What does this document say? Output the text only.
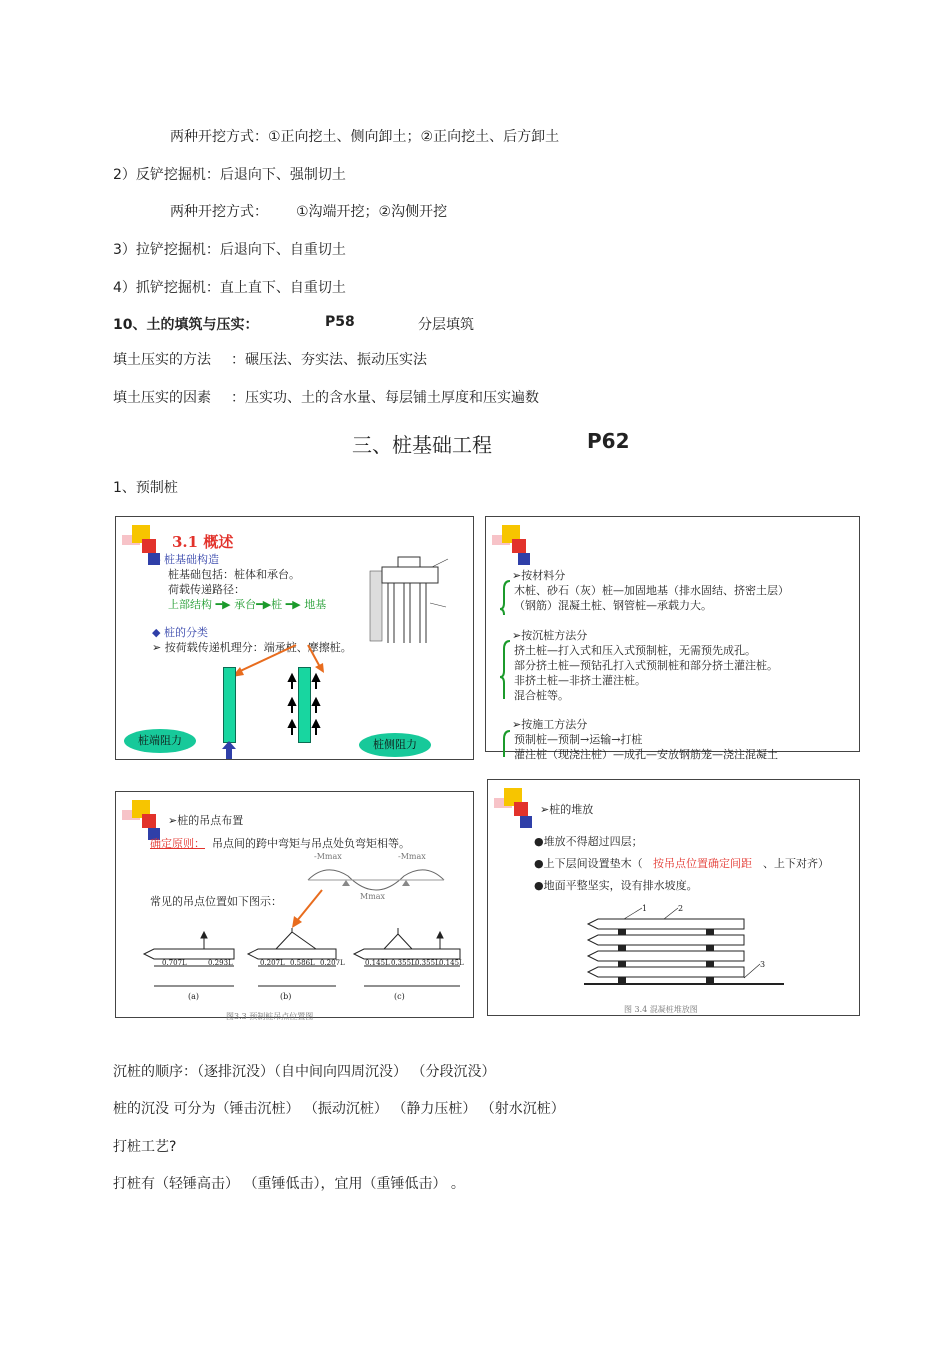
两种开挖方式：①正向挖土、侧向卸土；②正向挖土、后方卸土
2）反铲挖掘机：后退向下、强制切土
两种开挖方式： ①沟端开挖；②沟侧开挖
3）拉铲挖掘机：后退向下、自重切土
4）抓铲挖掘机：直上直下、自重切土
10、土的填筑与压实：	P58	分层填筑
填土压实的方法 ：碾压法、夯实法、振动压实法
填土压实的因素 ：压实功、土的含水量、每层铺土厚度和压实遍数
三、桩基础工程	P62
1、预制桩
3.1 概述
◆ 桩基础构造
桩基础包括：桩体和承台。
荷载传递路径：
上部结构 ━▶ 承台━▶桩 ━▶ 地基
◆ 桩的分类
➢ 按荷载传递机理分：端承桩、摩擦桩。
桩端阻力	桩侧阻力
➢按材料分
木桩、砂石（灰）桩—加固地基（排水固结、挤密土层）
（钢筋）混凝土桩、钢管桩—承载力大。
➢按沉桩方法分
挤土桩—打入式和压入式预制桩，无需预先成孔。
部分挤土桩—预钻孔打入式预制桩和部分挤土灌注桩。
非挤土桩—非挤土灌注桩。
混合桩等。
➢按施工方法分
预制桩—预制→运输→打桩
灌注桩（现浇注桩）—成孔—安放钢筋笼—浇注混凝土
➢桩的吊点布置
确定原则： 吊点间的跨中弯矩与吊点处负弯矩相等。
-Mmax	-Mmax
Mmax
常见的吊点位置如下图示：
0.707L	0.293L	0.207L 0.586L 0.207L	0.145L 0.355L 0.355L 0.145L
(a)	(b)	(c)
图3.3 预制桩吊点位置图
➢桩的堆放
●堆放不得超过四层；
●上下层间设置垫木（ 按吊点位置确定间距 、上下对齐）
●地面平整坚实，设有排水坡度。
1	2
3
图 3.4 混凝桩堆放图
沉桩的顺序：（逐排沉没）（自中间向四周沉没） （分段沉没）
桩的沉没 可分为（锤击沉桩） （振动沉桩） （静力压桩） （射水沉桩）
打桩工艺?
打桩有（轻锤高击） （重锤低击），宜用（重锤低击） 。
